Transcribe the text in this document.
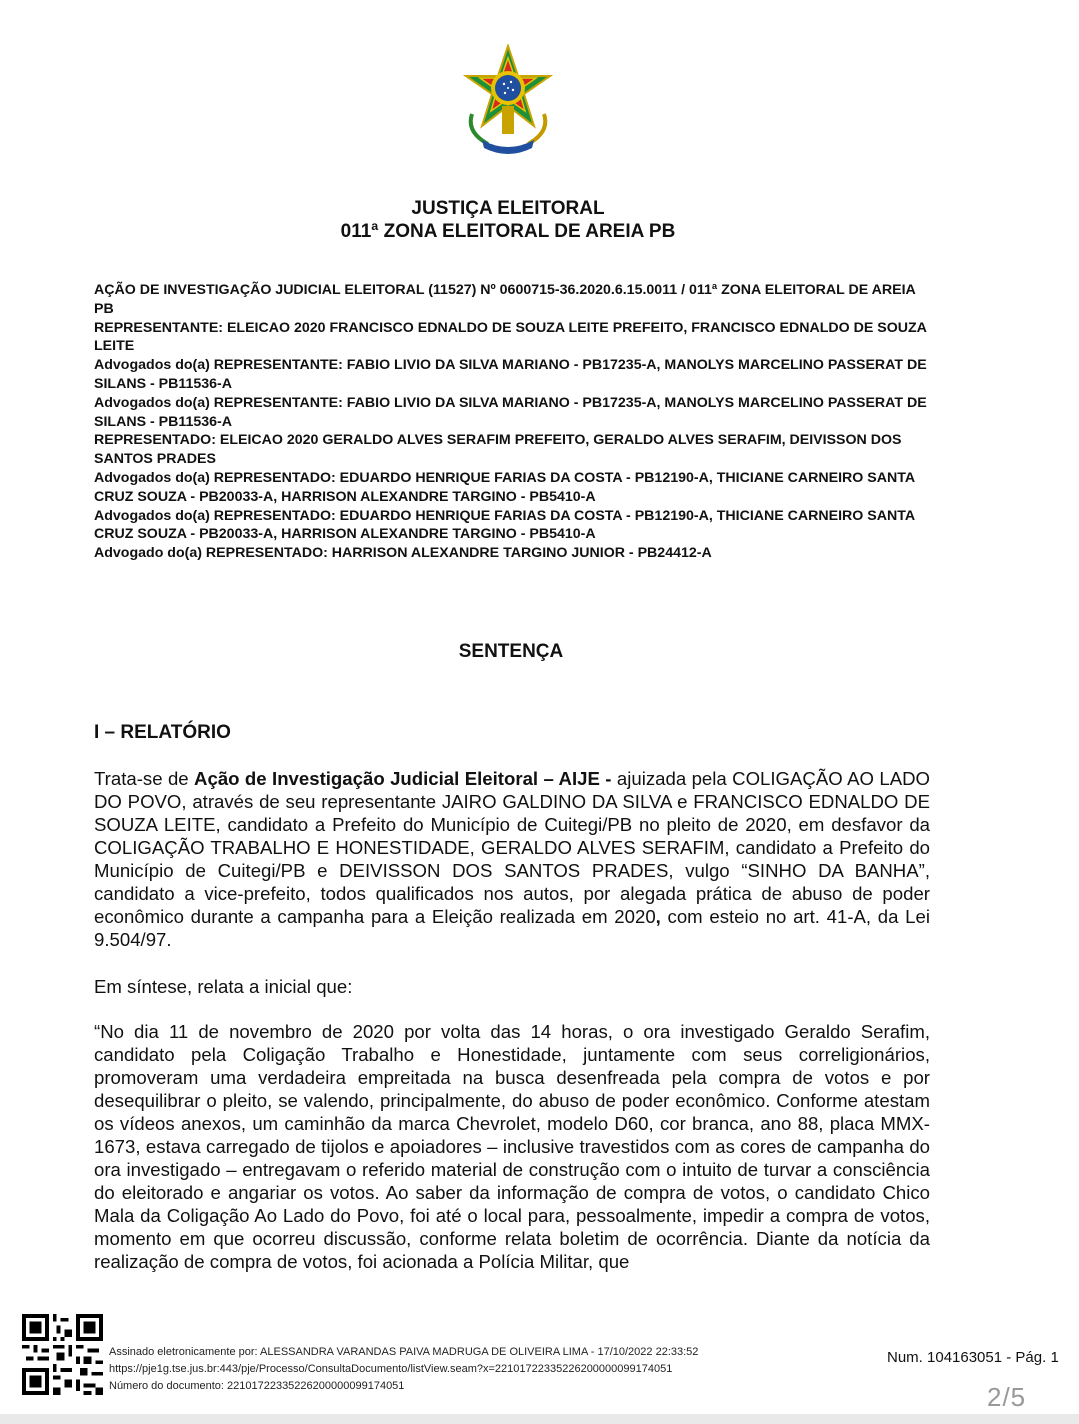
JUSTIÇA ELEITORAL
011ª ZONA ELEITORAL DE AREIA PB
AÇÃO DE INVESTIGAÇÃO JUDICIAL ELEITORAL (11527) Nº 0600715-36.2020.6.15.0011 / 011ª ZONA ELEITORAL DE AREIA PB
REPRESENTANTE: ELEICAO 2020 FRANCISCO EDNALDO DE SOUZA LEITE PREFEITO, FRANCISCO EDNALDO DE SOUZA LEITE
Advogados do(a) REPRESENTANTE: FABIO LIVIO DA SILVA MARIANO - PB17235-A, MANOLYS MARCELINO PASSERAT DE SILANS - PB11536-A
Advogados do(a) REPRESENTANTE: FABIO LIVIO DA SILVA MARIANO - PB17235-A, MANOLYS MARCELINO PASSERAT DE SILANS - PB11536-A
REPRESENTADO: ELEICAO 2020 GERALDO ALVES SERAFIM PREFEITO, GERALDO ALVES SERAFIM, DEIVISSON DOS SANTOS PRADES
Advogados do(a) REPRESENTADO: EDUARDO HENRIQUE FARIAS DA COSTA - PB12190-A, THICIANE CARNEIRO SANTA CRUZ SOUZA - PB20033-A, HARRISON ALEXANDRE TARGINO - PB5410-A
Advogados do(a) REPRESENTADO: EDUARDO HENRIQUE FARIAS DA COSTA - PB12190-A, THICIANE CARNEIRO SANTA CRUZ SOUZA - PB20033-A, HARRISON ALEXANDRE TARGINO - PB5410-A
Advogado do(a) REPRESENTADO: HARRISON ALEXANDRE TARGINO JUNIOR - PB24412-A
SENTENÇA
I – RELATÓRIO
Trata-se de Ação de Investigação Judicial Eleitoral – AIJE - ajuizada pela COLIGAÇÃO AO LADO DO POVO, através de seu representante JAIRO GALDINO DA SILVA e FRANCISCO EDNALDO DE SOUZA LEITE, candidato a Prefeito do Município de Cuitegi/PB no pleito de 2020, em desfavor da COLIGAÇÃO TRABALHO E HONESTIDADE, GERALDO ALVES SERAFIM, candidato a Prefeito do Município de Cuitegi/PB e DEIVISSON DOS SANTOS PRADES, vulgo “SINHO DA BANHA”, candidato a vice-prefeito, todos qualificados nos autos, por alegada prática de abuso de poder econômico durante a campanha para a Eleição realizada em 2020, com esteio no art. 41-A, da Lei 9.504/97.
Em síntese, relata a inicial que:
“No dia 11 de novembro de 2020 por volta das 14 horas, o ora investigado Geraldo Serafim, candidato pela Coligação Trabalho e Honestidade, juntamente com seus correligionários, promoveram uma verdadeira empreitada na busca desenfreada pela compra de votos e por desequilibrar o pleito, se valendo, principalmente, do abuso de poder econômico. Conforme atestam os vídeos anexos, um caminhão da marca Chevrolet, modelo D60, cor branca, ano 88, placa MMX-1673, estava carregado de tijolos e apoiadores – inclusive travestidos com as cores de campanha do ora investigado – entregavam o referido material de construção com o intuito de turvar a consciência do eleitorado e angariar os votos. Ao saber da informação de compra de votos, o candidato Chico Mala da Coligação Ao Lado do Povo, foi até o local para, pessoalmente, impedir a compra de votos, momento em que ocorreu discussão, conforme relata boletim de ocorrência. Diante da notícia da realização de compra de votos, foi acionada a Polícia Militar, que
Assinado eletronicamente por: ALESSANDRA VARANDAS PAIVA MADRUGA DE OLIVEIRA LIMA - 17/10/2022 22:33:52
https://pje1g.tse.jus.br:443/pje/Processo/ConsultaDocumento/listView.seam?x=22101722335226200000099174051
Número do documento: 22101722335226200000099174051
Num. 104163051 - Pág. 1
2/5
